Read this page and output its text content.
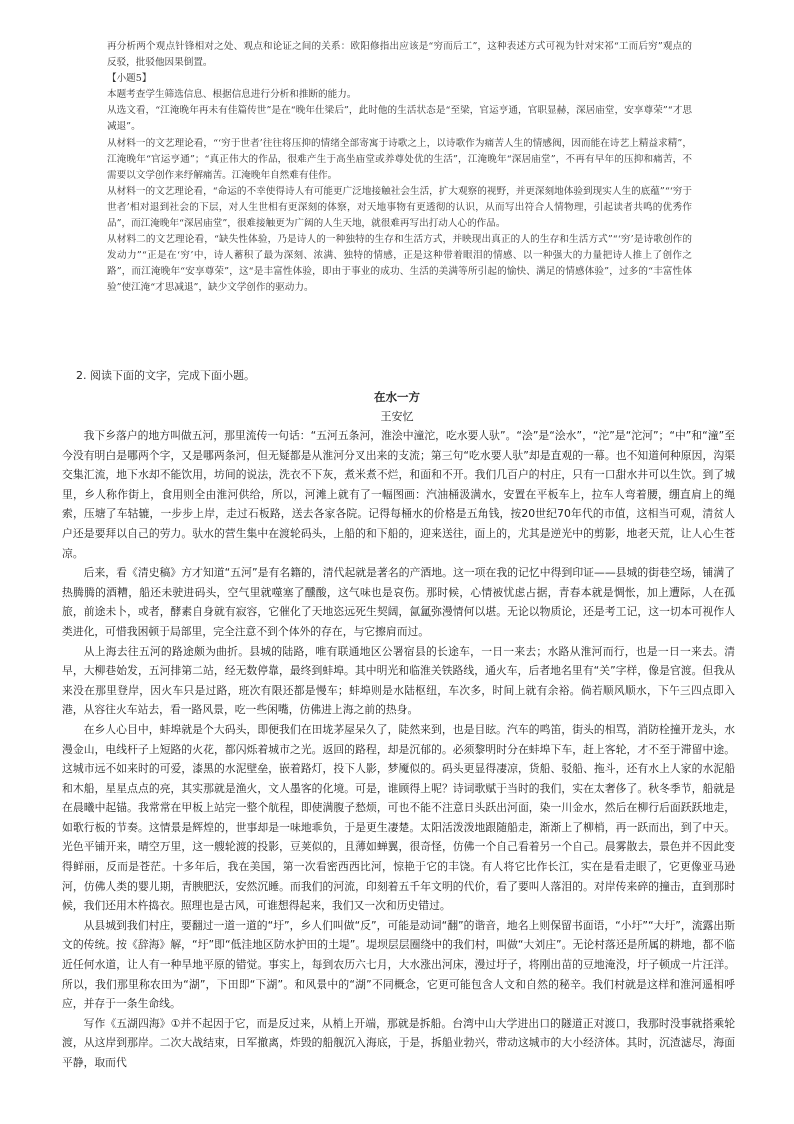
再分析两个观点针锋相对之处、观点和论证之间的关系：欧阳修指出应该是“穷而后工”，这种表述方式可视为针对宋祁“工而后穷”观点的反驳，批驳他因果倒置。

【小题5】

本题考查学生筛选信息、根据信息进行分析和推断的能力。

从选文看，“江淹晚年再未有佳篇传世”是在“晚年仕梁后”，此时他的生活状态是“至梁，官运亨通，官职显赫，深居庙堂，安享尊荣”“才思减退”。

从材料一的文艺理论看，“‘穷于世者’往往将压抑的情绪全部寄寓于诗歌之上，以诗歌作为痛苦人生的情感阀，因而能在诗艺上精益求精”，江淹晚年“官运亨通”；“真正伟大的作品，很难产生于高坐庙堂或养尊处优的生活”，江淹晚年“深居庙堂”，不再有早年的压抑和痛苦，不需要以文学创作来纾解痛苦。江淹晚年自然难有佳作。

从材料一的文艺理论看，“命运的不幸使得诗人有可能更广泛地接触社会生活，扩大观察的视野，并更深刻地体验到现实人生的底蕴”“‘穷于世者’相对退到社会的下层，对人生世相有更深刻的体察，对天地事物有更透彻的认识，从而写出符合人情物理，引起读者共鸣的优秀作品”，而江淹晚年“深居庙堂”，很难接触更为广阔的人生天地，就很难再写出打动人心的作品。

从材料二的文艺理论看，“缺失性体验，乃是诗人的一种独特的生存和生活方式，并映现出真正的人的生存和生活方式”“‘穷’是诗歌创作的发动力”“正是在‘穷’中，诗人蓄积了最为深刻、浓满、独特的情感，正是这种带着眼泪的情感、以一种强大的力量把诗人推上了创作之路”，而江淹晚年“安享尊荣”，这“是丰富性体验，即由于事业的成功、生活的美满等所引起的愉快、满足的情感体验”，过多的“丰富性体验”使江淹“才思减退”，缺少文学创作的驱动力。

2. 阅读下面的文字，完成下面小题。

在水一方

王安忆

我下乡落户的地方叫做五河，那里流传一句话：“五河五条河，淮浍中潼沱，吃水要人驮”。“浍”是“浍水”，“沱”是“沱河”；“中”和“潼”至今没有明白是哪两个字，又是哪两条河，但无疑都是从淮河分叉出来的支流；第三句“吃水要人驮”却是直观的一幕。也不知道何种原因，沟渠交集汇流，地下水却不能饮用，坊间的说法，洗衣不下灰，煮米煮不烂，和面和不开。我们几百户的村庄，只有一口甜水井可以生饮。到了城里，乡人称作街上，食用则全由淮河供给，所以，河滩上就有了一幅图画：汽油桶汲满水，安置在平板车上，拉车人弯着腰，绷直肩上的绳索，压塘了车轱辘，一步步上岸，走过石板路，送去各家各院。记得每桶水的价格是五角钱，按20世纪70年代的市值，这相当可观，清贫人户还是要拜以自己的劳力。驮水的营生集中在渡轮码头，上船的和下船的，迎来送往，面上的，尤其是逆光中的剪影，地老天荒，让人心生苍凉。

后来，看《清史稿》方才知道“五河”是有名籍的，清代起就是著名的产酒地。这一项在我的记忆中得到印证——县城的街巷空场，铺满了热腾腾的酒糟，船还未驶进码头，空气里就噬塞了醺酸，这气味也是哀伤。那时候，心情被忧虑占据，青春本就是惆怅，加上遭际，人在孤旅，前途未卜，或者，酵素自身就有寂容，它催化了天地恣远死生契阔，氤氲弥漫情何以堪。无论以物质论，还是考工记，这一切本可视作人类进化，可惜我困顿于局部里，完全注意不到个体外的存在，与它擦肩而过。

从上海去往五河的路途颇为曲折。县城的陆路，唯有联通地区公署宿县的长途车，一日一来去；水路从淮河而行，也是一日一来去。清早，大柳巷始发，五河排第二站，经无数停靠，最终到蚌埠。其中明光和临淮关铁路线，通火车，后者地名里有“关”字样，像是官渡。但我从来没在那里登岸，因火车只是过路，班次有限还都是慢车；蚌埠则是水陆枢纽，车次多，时间上就有余裕。倘若顺风顺水，下午三四点即入港，从容往火车站去，看一路风景，吃一些闲嘴，仿佛进上海之前的热身。

在乡人心目中，蚌埠就是个大码头，即便我们在田垅茅屋呆久了，陡然来到，也是目眩。汽车的鸣笛，街头的相骂，消防栓撞开龙头，水漫金山，电线杆子上短路的火花，都闪烁着城市之光。返回的路程，却是沉郁的。必须黎明时分在蚌埠下车，赶上客轮，才不至于滞留中途。这城市远不如来时的可爱，漆黑的水泥壁垒，嵌着路灯，投下人影，梦魇似的。码头更显得凄凉，货船、驳船、拖斗，还有水上人家的水泥船和木船，星星点点的亮，其实那就是渔火，文人墨客的化境。可是，谁顾得上呢？诗词歌赋于当时的我们，实在太奢侈了。秋冬季节，船就是在晨曦中起锚。我常常在甲板上站完一整个航程，即使满腹子愁烦，可也不能不注意日头跃出河面，染一川金水，然后在柳行后面跃跃地走，如歌行板的节奏。这情景是辉煌的，世事却是一味地乖负，于是更生凄楚。太阳活泼泼地跟随船走，渐渐上了柳梢，再一跃而出，到了中天。光色平铺开来，晴空万里，这一艘轮渡的投影，豆荚似的，且薄如蝉翼，很奇怪，仿佛一个自己看着另一个自己。晨雾散去，景色并不因此变得鲜丽，反而是苍茫。十多年后，我在美国，第一次看密西西比河，惊艳于它的丰饶。有人将它比作长江，实在是看走眼了，它更像亚马逊河，仿佛人类的婴儿期，青腴肥沃，安然沉睡。而我们的河流，印刻着五千年文明的代价，看了要叫人落泪的。对岸传来碎的撞击，直到那时候，我们还用木杵捣衣。照理也是古风，可谁想得起来，我们又一次和历史错过。

从县城到我们村庄，要翻过一道一道的“圩”，乡人们叫做“反”，可能是动词“翻”的谐音，地名上则保留书面语，“小圩”“大圩”，流露出斯文的传统。按《辞海》解，“圩”即“低洼地区防水护田的土堤”。堤坝层层圈绕中的我们村，叫做“大刘庄”。无论村落还是所属的耕地，都不临近任何水道，让人有一种旱地平原的错觉。事实上，每到农历六七月，大水涨出河床，漫过圩子，将刚出苗的豆地淹没，圩子顿成一片汪洋。所以，我们那里称农田为“湖”，下田即“下湖”。和风景中的“湖”不同概念，它更可能包含人文和自然的秘辛。我们村就是这样和淮河遥相呼应，并存于一条生命线。

写作《五湖四海》①并不起因于它，而是反过来，从梢上开端，那就是拆船。台湾中山大学进出口的隧道正对渡口，我那时没事就搭乘轮渡，从这岸到那岸。二次大战结束，日军撤离，炸毁的船舰沉入海底，于是，拆船业勃兴，带动这城市的大小经济体。其时，沉渣滤尽，海面平静，取而代
